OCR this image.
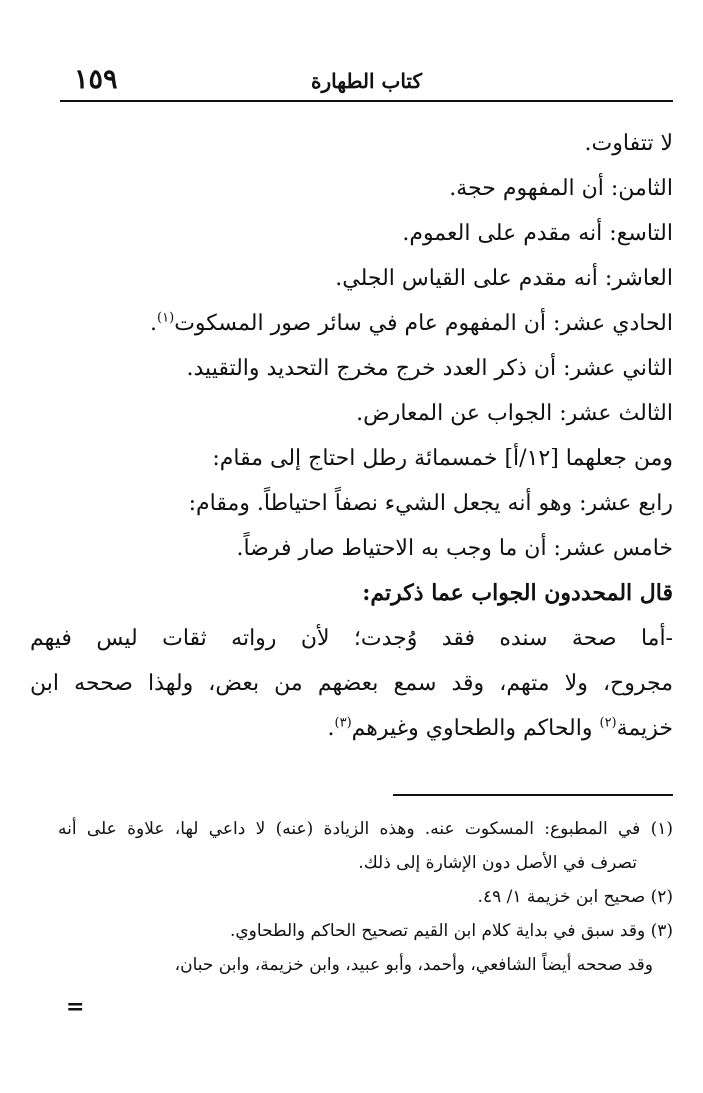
١٥٩	كتاب الطهارة
لا تتفاوت.
الثامن: أن المفهوم حجة.
التاسع: أنه مقدم على العموم.
العاشر: أنه مقدم على القياس الجلي.
الحادي عشر: أن المفهوم عام في سائر صور المسكوت$^{(١)}$.
الثاني عشر: أن ذكر العدد خرج مخرج التحديد والتقييد.
الثالث عشر: الجواب عن المعارض.
ومن جعلهما [١٢/أ] خمسمائة رطل احتاج إلى مقام:
رابع عشر: وهو أنه يجعل الشيء نصفاً احتياطاً. ومقام:
خامس عشر: أن ما وجب به الاحتياط صار فرضاً.
قال المحددون الجواب عما ذكرتم:
-أما صحة سنده فقد وُجدت؛ لأن رواته ثقات ليس فيهم
مجروح، ولا متهم، وقد سمع بعضهم من بعض، ولهذا صححه ابن
خزيمة$^{(٢)}$ والحاكم والطحاوي وغيرهم$^{(٣)}$.
(١) في المطبوع: المسكوت عنه. وهذه الزيادة (عنه) لا داعي لها، علاوة على أنه
تصرف في الأصل دون الإشارة إلى ذلك.
(٢) صحيح ابن خزيمة ١/ ٤٩.
(٣) وقد سبق في بداية كلام ابن القيم تصحيح الحاكم والطحاوي.
وقد صححه أيضاً الشافعي، وأحمد، وأبو عبيد، وابن خزيمة، وابن حبان،
=
